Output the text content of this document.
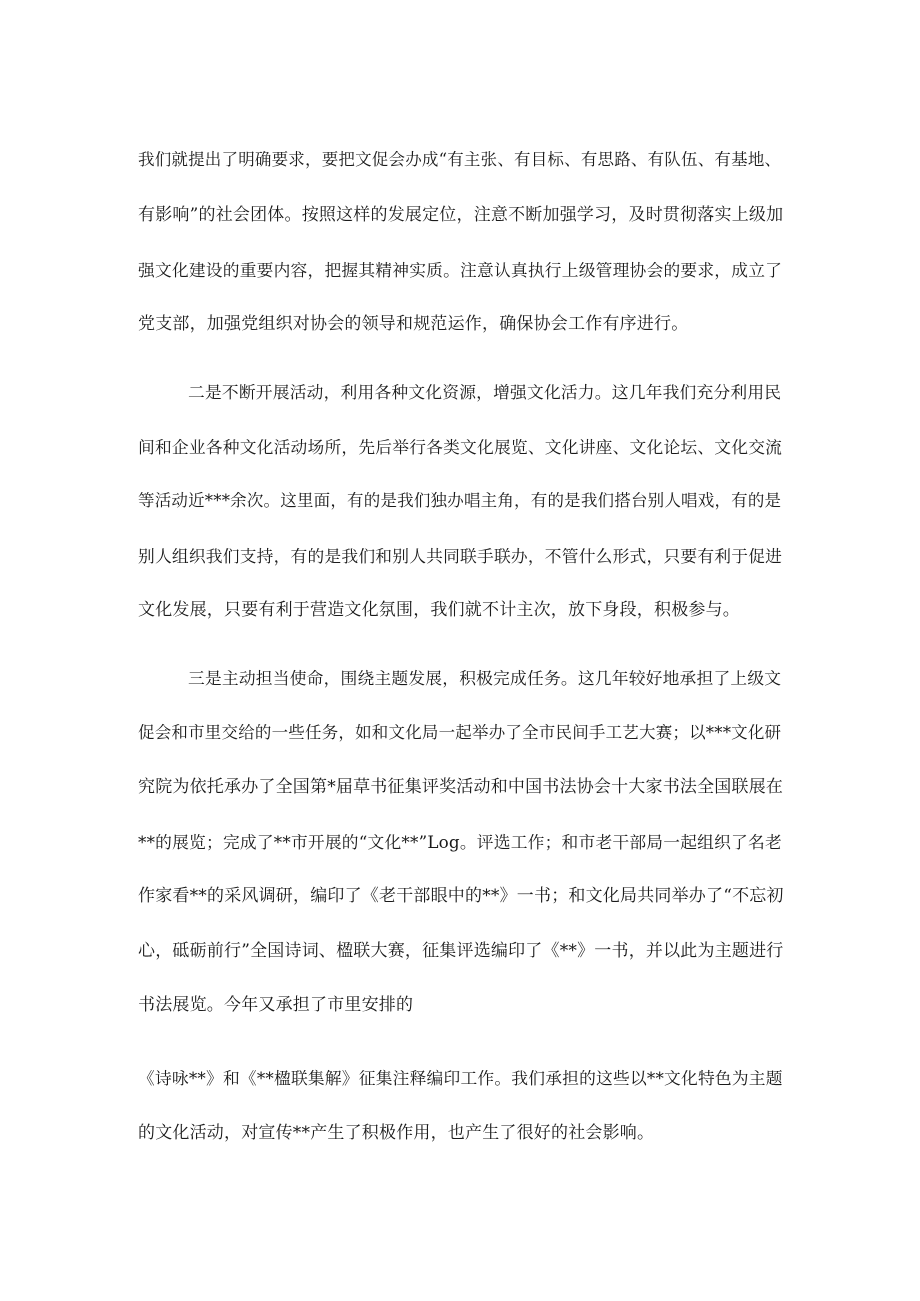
我们就提出了明确要求，要把文促会办成“有主张、有目标、有思路、有队伍、有基地、
有影响”的社会团体。按照这样的发展定位，注意不断加强学习，及时贯彻落实上级加
强文化建设的重要内容，把握其精神实质。注意认真执行上级管理协会的要求，成立了
党支部，加强党组织对协会的领导和规范运作，确保协会工作有序进行。
二是不断开展活动，利用各种文化资源，增强文化活力。这几年我们充分利用民
间和企业各种文化活动场所，先后举行各类文化展览、文化讲座、文化论坛、文化交流
等活动近***余次。这里面，有的是我们独办唱主角，有的是我们搭台别人唱戏，有的是
别人组织我们支持，有的是我们和别人共同联手联办，不管什么形式，只要有利于促进
文化发展，只要有利于营造文化氛围，我们就不计主次，放下身段，积极参与。
三是主动担当使命，围绕主题发展，积极完成任务。这几年较好地承担了上级文
促会和市里交给的一些任务，如和文化局一起举办了全市民间手工艺大赛；以***文化研
究院为依托承办了全国第*届草书征集评奖活动和中国书法协会十大家书法全国联展在
**的展览；完成了**市开展的“文化**”Log。评选工作；和市老干部局一起组织了名老
作家看**的采风调研，编印了《老干部眼中的**》一书；和文化局共同举办了“不忘初
心，砥砺前行”全国诗词、楹联大赛，征集评选编印了《**》一书，并以此为主题进行
书法展览。今年又承担了市里安排的
《诗咏**》和《**楹联集解》征集注释编印工作。我们承担的这些以**文化特色为主题
的文化活动，对宣传**产生了积极作用，也产生了很好的社会影响。
